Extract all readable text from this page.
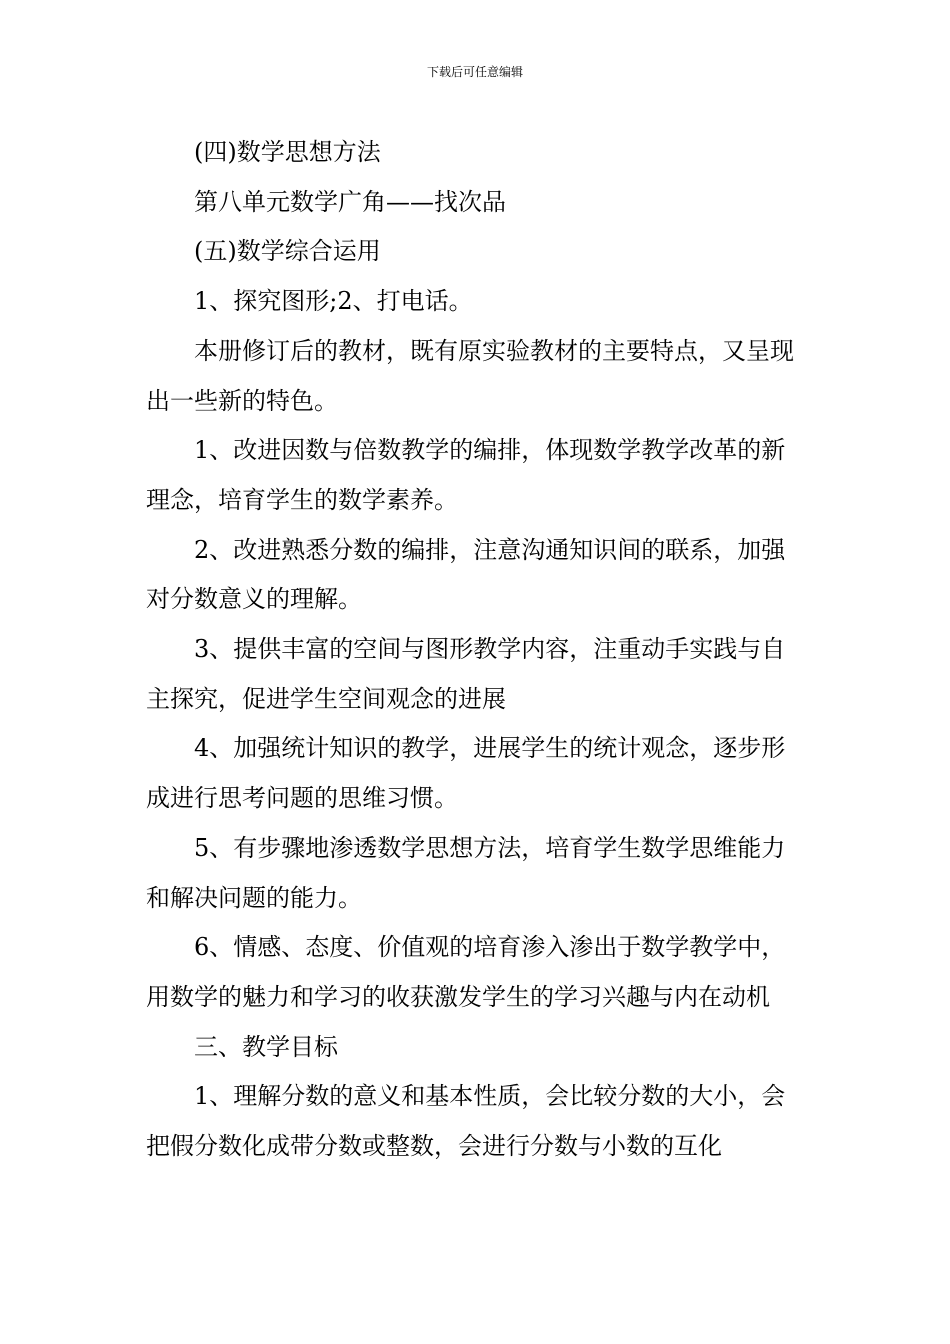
下载后可任意编辑

(四)数学思想方法

第八单元数学广角——找次品

(五)数学综合运用

1、探究图形;2、打电话。

本册修订后的教材，既有原实验教材的主要特点，又呈现出一些新的特色。

1、改进因数与倍数教学的编排，体现数学教学改革的新理念，培育学生的数学素养。

2、改进熟悉分数的编排，注意沟通知识间的联系，加强对分数意义的理解。

3、提供丰富的空间与图形教学内容，注重动手实践与自主探究，促进学生空间观念的进展

4、加强统计知识的教学，进展学生的统计观念，逐步形成进行思考问题的思维习惯。

5、有步骤地渗透数学思想方法，培育学生数学思维能力和解决问题的能力。

6、情感、态度、价值观的培育渗入渗出于数学教学中，用数学的魅力和学习的收获激发学生的学习兴趣与内在动机

三、教学目标

1、理解分数的意义和基本性质，会比较分数的大小，会把假分数化成带分数或整数，会进行分数与小数的互化
